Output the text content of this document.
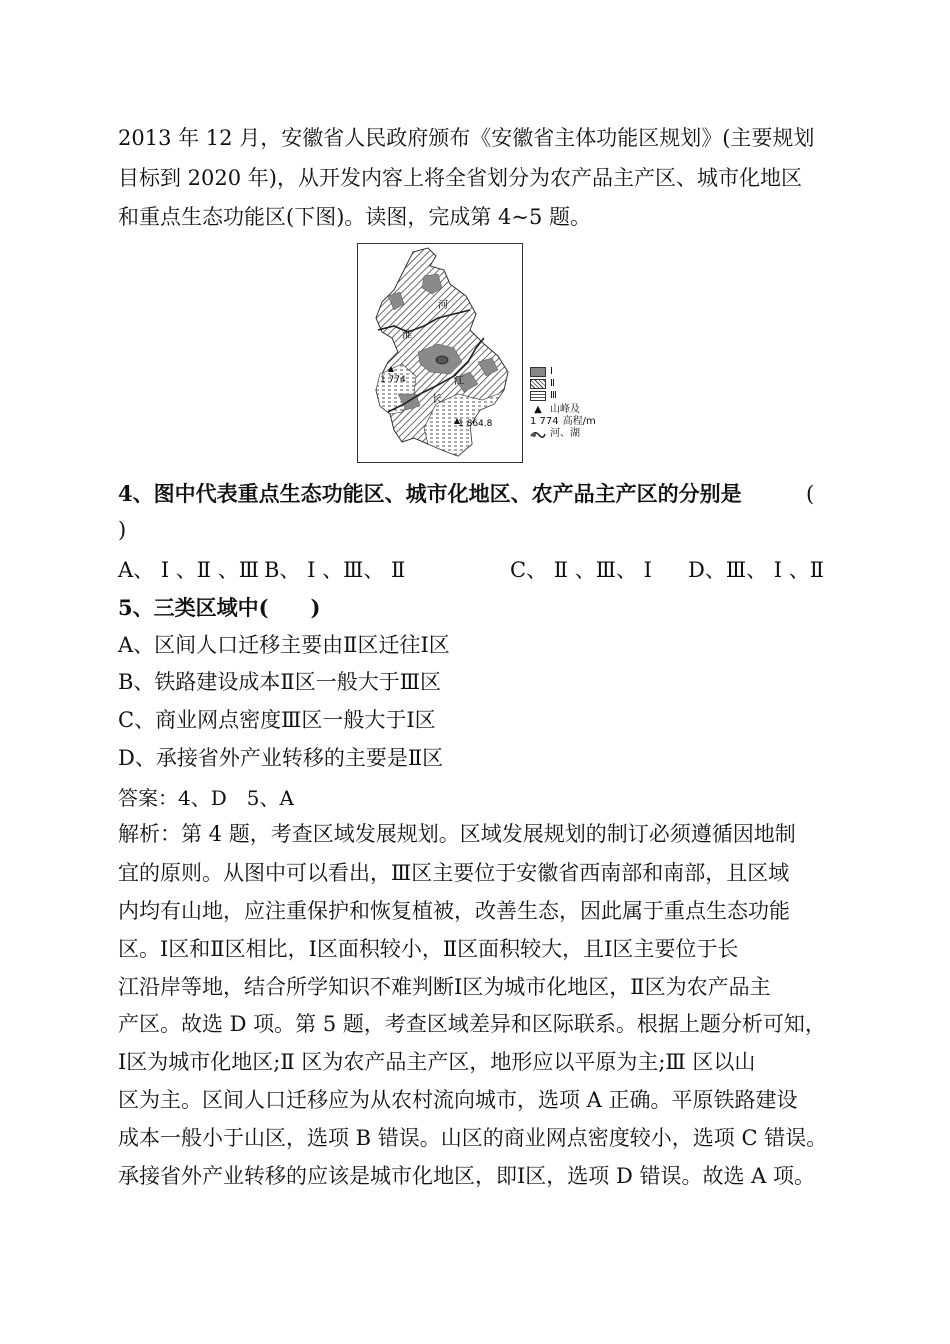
2013 年 12 月，安徽省人民政府颁布《安徽省主体功能区规划》(主要规划
目标到 2020 年)，从开发内容上将全省划分为农产品主产区、城市化地区
和重点生态功能区(下图)。读图，完成第 4~5 题。
淮
河
江
长
1 774
1 864.8
Ⅰ
Ⅱ
Ⅲ
▲ 山峰及
1 774 高程/m
河、湖
4、图中代表重点生态功能区、城市化地区、农产品主产区的分别是	(
)
A、 Ⅰ 、Ⅱ 、Ⅲ B、 Ⅰ 、Ⅲ、 Ⅱ	C、 Ⅱ 、Ⅲ、 Ⅰ D、Ⅲ、 Ⅰ 、Ⅱ
5、三类区域中(　　)
A、区间人口迁移主要由Ⅱ区迁往Ⅰ区
B、铁路建设成本Ⅱ区一般大于Ⅲ区
C、商业网点密度Ⅲ区一般大于Ⅰ区
D、承接省外产业转移的主要是Ⅱ区
答案：4、D　5、A
解析：第 4 题，考查区域发展规划。区域发展规划的制订必须遵循因地制
宜的原则。从图中可以看出，Ⅲ区主要位于安徽省西南部和南部，且区域
内均有山地，应注重保护和恢复植被，改善生态，因此属于重点生态功能
区。Ⅰ区和Ⅱ区相比，Ⅰ区面积较小，Ⅱ区面积较大，且Ⅰ区主要位于长
江沿岸等地，结合所学知识不难判断Ⅰ区为城市化地区，Ⅱ区为农产品主
产区。故选 D 项。第 5 题，考查区域差异和区际联系。根据上题分析可知，
Ⅰ区为城市化地区;Ⅱ 区为农产品主产区，地形应以平原为主;Ⅲ 区以山
区为主。区间人口迁移应为从农村流向城市，选项 A 正确。平原铁路建设
成本一般小于山区，选项 B 错误。山区的商业网点密度较小，选项 C 错误。
承接省外产业转移的应该是城市化地区，即Ⅰ区，选项 D 错误。故选 A 项。
